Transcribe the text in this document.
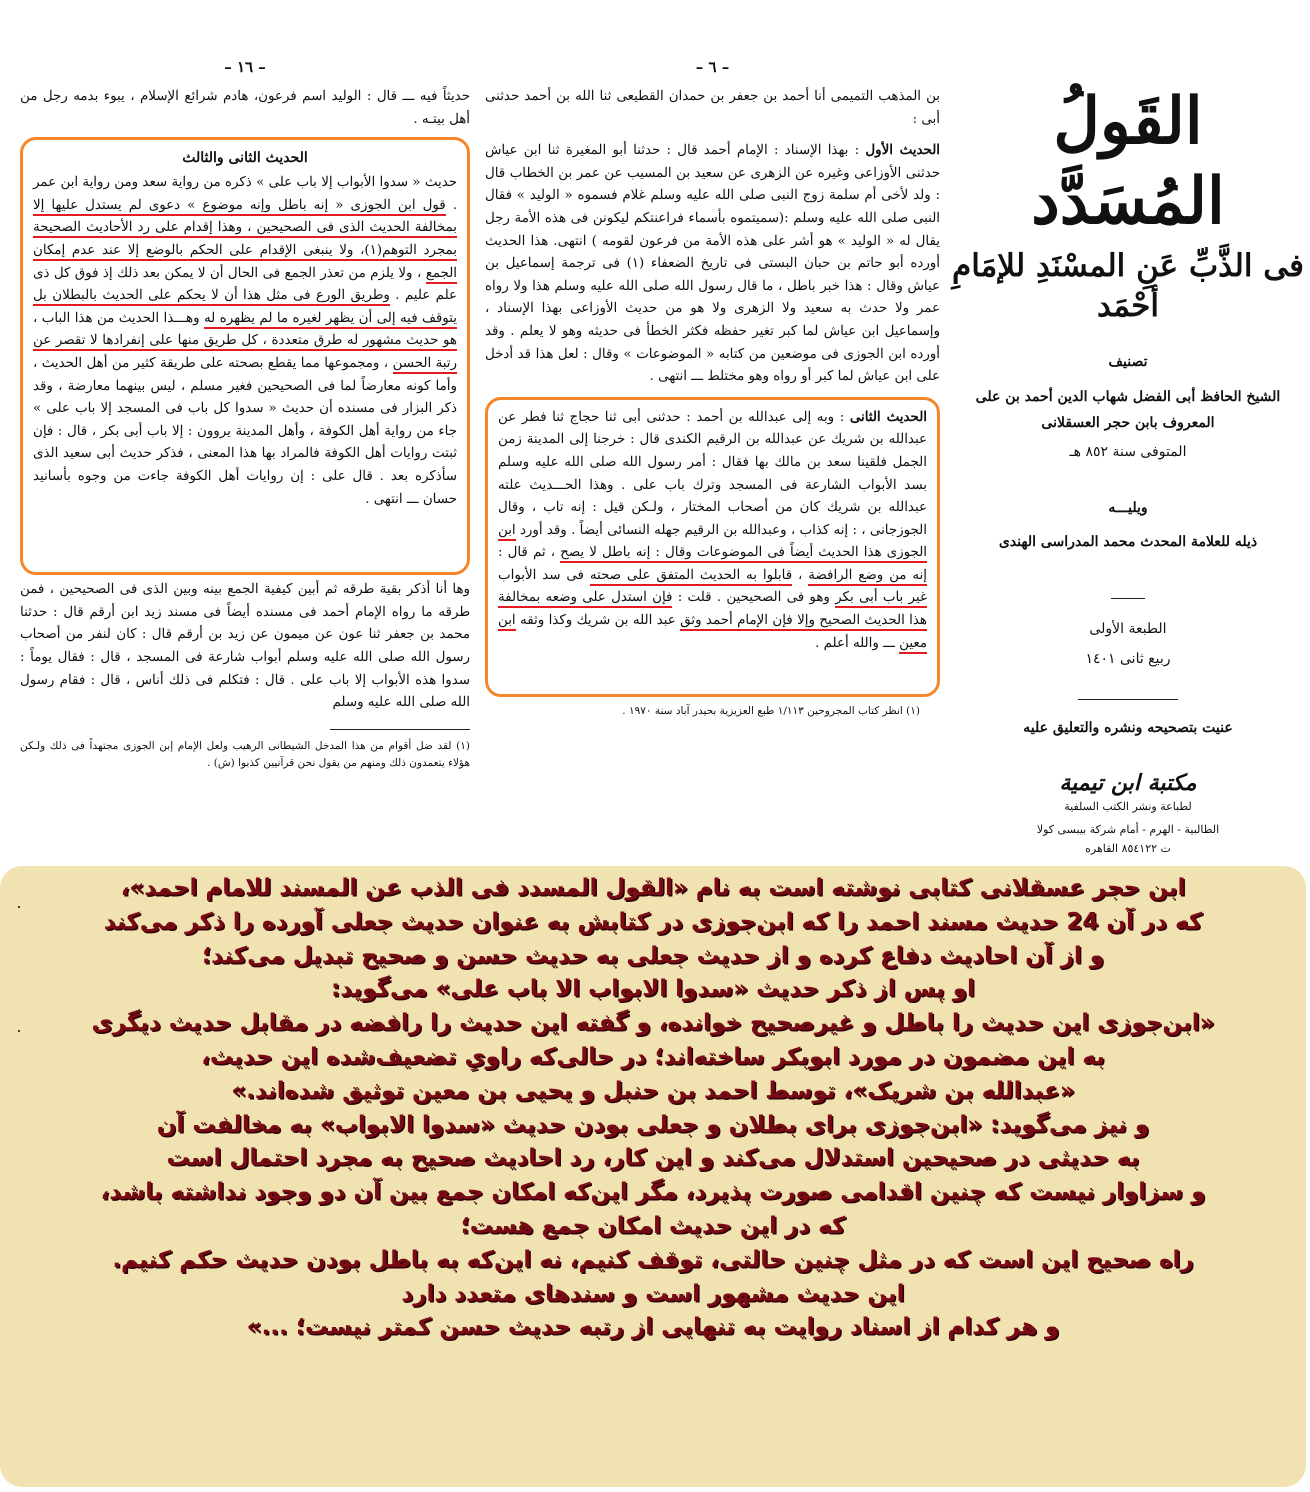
– ١٦ –

حديثاً فيه ـــ قال : الوليد اسم فرعون، هادم شرائع الإسلام ، يبوء بدمه رجل من أهل بيتـه .

الحديث الثانى والثالث

حديث « سدوا الأبواب إلا باب على » ذكره من رواية سعد ومن رواية ابن عمر . قول ابن الجوزى « إنه باطل وإنه موضوع » دعوى لم يستدل عليها إلا بمخالفة الحديث الذى فى الصحيحين ، وهذا إقدام على رد الأحاديث الصحيحة بمجرد التوهم(١)، ولا ينبغى الإقدام على الحكم بالوضع إلا عند عدم إمكان الجمع ، ولا يلزم من تعذر الجمع فى الحال أن لا يمكن بعد ذلك إذ فوق كل ذى علم عليم . وطريق الورع فى مثل هذا أن لا يحكم على الحديث بالبطلان بل يتوقف فيه إلى أن يظهر لغيره ما لم يظهره له وهـــذا الحديث من هذا الباب ، هو حديث مشهور له طرق متعددة ، كل طريق منها على إنفرادها لا تقصر عن رتبة الحسن ، ومجموعها مما يقطع بصحته على طريقة كثير من أهل الحديث ، وأما كونه معارضاً لما فى الصحيحين فغير مسلم ، ليس بينهما معارضة ، وقد ذكر البزار فى مسنده أن حديث « سدوا كل باب فى المسجد إلا باب على » جاء من رواية أهل الكوفة ، وأهل المدينة يروون : إلا باب أبى بكر ، قال : فإن ثبتت روايات أهل الكوفة فالمراد بها هذا المعنى ، فذكر حديث أبى سعيد الذى سأذكره بعد . قال على : إن روايات أهل الكوفة جاءت من وجوه بأسانيد حسان ـــ انتهى .

وها أنا أذكر بقية طرقه ثم أبين كيفية الجمع بينه وبين الذى فى الصحيحين ، فمن طرقه ما رواه الإمام أحمد فى مسنده أيضاً فى مسند زيد ابن أرقم قال : حدثنا محمد بن جعفر ثنا عون عن ميمون عن زيد بن أرقم قال : كان لنفر من أصحاب رسول الله صلى الله عليه وسلم أبواب شارعة فى المسجد ، قال : فقال يوماً : سدوا هذه الأبواب إلا باب على . قال : فتكلم فى ذلك أناس ، قال : فقام رسول الله صلى الله عليه وسلم

(١) لقد ضل أقوام من هذا المدخل الشيطانى الرهيب ولعل الإمام إبن الجوزى مجتهداً فى ذلك ولـكن هؤلاء يتعمدون ذلك ومنهم من يقول نحن قرآنيين كذبوا (ش) .

– ٦ –

بن المذهب التميمى أنا أحمد بن جعفر بن حمدان القطيعى ثنا الله بن أحمد حدثنى أبى :

الحديث الأول : بهذا الإسناد : الإمام أحمد قال : حدثنا أبو المغيرة ثنا ابن عياش حدثنى الأوزاعى وغيره عن الزهرى عن سعيد بن المسيب عن عمر بن الخطاب قال : ولد لأخى أم سلمة زوج النبى صلى الله عليه وسلم غلام فسموه « الوليد » فقال النبى صلى الله عليه وسلم :(سميتموه بأسماء فراعنتكم ليكونن فى هذه الأمة رجل يقال له « الوليد » هو أشر على هذه الأمة من فرعون لقومه ) انتهى. هذا الحديث أورده أبو حاتم بن حبان البستى فى تاريخ الضعفاء (١) فى ترجمة إسماعيل بن عياش وقال : هذا خبر باطل ، ما قال رسول الله صلى الله عليه وسلم هذا ولا رواه عمر ولا حدث به سعيد ولا الزهرى ولا هو من حديث الأوزاعى بهذا الإسناد ، وإسماعيل ابن عياش لما كبر تغير حفظه فكثر الخطأ فى حديثه وهو لا يعلم . وقد أورده ابن الجوزى فى موضعين من كتابه « الموضوعات » وقال : لعل هذا قد أدخل على ابن عياش لما كبر أو رواه وهو مختلط ـــ انتهى .

الحديث الثانى : وبه إلى عبدالله بن أحمد : حدثنى أبى ثنا حجاج ثنا فطر عن عبدالله بن شريك عن عبدالله بن الرقيم الكندى قال : خرجنا إلى المدينة زمن الجمل فلقينا سعد بن مالك بها فقال : أمر رسول الله صلى الله عليه وسلم بسد الأبواب الشارعة فى المسجد وترك باب على . وهذا الحـــديث علته عبدالله بن شريك كان من أصحاب المختار ، ولـكن قيل : إنه تاب ، وقال الجوزجانى ، : إنه كذاب ، وعبدالله بن الرقيم جهله النسائى أيضاً . وقد أورد ابن الجوزى هذا الحديث أيضاً فى الموضوعات وقال : إنه باطل لا يصح ، ثم قال : إنه من وضع الرافضة ، قابلوا به الحديث المتفق على صحته فى سد الأبواب غير باب أبى بكر وهو فى الصحيحين . قلت : فإن استدل على وضعه بمخالفة هذا الحديث الصحيح وإلا فإن الإمام أحمد وثق عبد الله بن شريك وكذا وثقه ابن معين ـــ والله أعلم .

(١) انظر كتاب المجروحين ١/١١٣ طبع العزيزية بحيدر آباد سنة ١٩٧٠ .

القَولُ المُسَدَّد
فى الذَّبِّ عَنِ المسْنَدِ للإمَامِ أحْمَد
تصنيف
الشيخ الحافظ أبى الفضل شهاب الدين أحمد بن على
المعروف بابن حجر العسقلانى
المتوفى سنة ٨٥٢ هـ
ويليـــه
ذيله للعلامة المحدث محمد المدراسى الهندى
الطبعة الأولى
ربيع ثانى ١٤٠١
عنيت بتصحيحه ونشره والتعليق عليه
مكتبة ابن تيمية
لطباعة ونشر الكتب السلفية
الطالبية - الهرم - أمام شركة بيبسى كولا
ت ٨٥٤١٢٢ القاهره

ابن حجر عسقلانی کتابی نوشته است به نام «القول المسدد فی الذب عن المسند للامام احمد»،

که در آن 24 حدیث مسند احمد را که ابن‌جوزی در کتابش به عنوان حدیث جعلی آورده را ذکر می‌کند

و از آن احادیث دفاع کرده و از حدیث جعلی به حدیث حسن و صحیح تبدیل می‌کند؛

او پس از ذکر حدیث «سدوا الابواب الا باب علی» می‌گوید:

«ابن‌جوزی این حدیث را باطل و غیرصحیح خوانده، و گفته این حدیث را رافضه در مقابل حدیث دیگری

به این مضمون در مورد ابوبکر ساخته‌اند؛ در حالی‌که راویِ تضعیف‌شده این حدیث،

«عبدالله بن شریک»، توسط احمد بن حنبل و یحیی بن معین توثیق شده‌اند.»

و نیز می‌گوید: «ابن‌جوزی برای بطلان و جعلی بودن حدیث «سدوا الابواب» به مخالفت آن

به حدیثی در صحیحین استدلال می‌کند و این کار، رد احادیث صحیح به مجرد احتمال است

و سزاوار نیست که چنین اقدامی صورت پذیرد، مگر این‌که امکان جمع بین آن دو وجود نداشته باشد،

که در این حدیث امکان جمع هست؛

راه صحیح این است که در مثل چنین حالتی، توقف کنیم، نه این‌که به باطل بودن حدیث حکم کنیم.

این حدیث مشهور است و سندهای متعدد دارد

و هر کدام از اسناد روایت به تنهایی از رتبه حدیث حسن کمتر نیست؛ ...»
